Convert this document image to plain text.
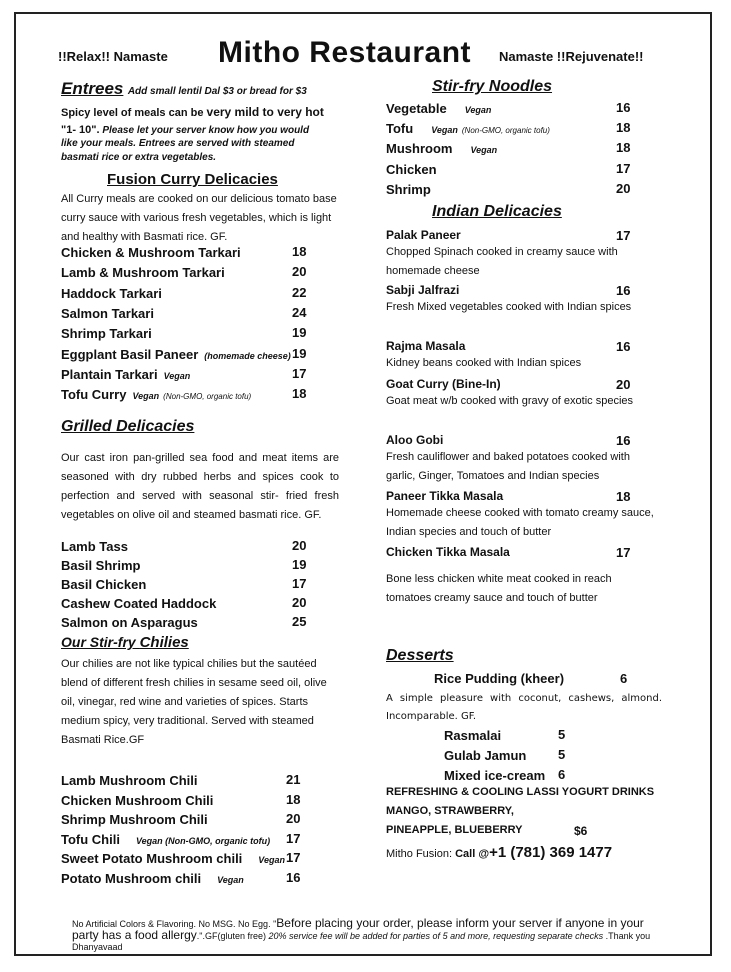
!!Relax!! Namaste Mitho Restaurant Namaste !!Rejuvenate!!
Entrees Add small lentil Dal $3 or bread for $3
Spicy level of meals can be very mild to very hot
"1- 10". Please let your server know how you would
like your meals. Entrees are served with steamed
basmati rice or extra vegetables.
Fusion Curry Delicacies
All Curry meals are cooked on our delicious tomato base curry sauce with various fresh vegetables, which is light and healthy with Basmati rice. GF.
Chicken & Mushroom Tarkari	18
Lamb & Mushroom Tarkari	20
Haddock Tarkari	22
Salmon Tarkari	24
Shrimp Tarkari	19
Eggplant Basil Paneer (homemade cheese) 19
Plantain Tarkari Vegan	17
Tofu Curry Vegan (Non-GMO, organic tofu)	18
Grilled Delicacies
Our cast iron pan-grilled sea food and meat items are seasoned with dry rubbed herbs and spices cook to perfection and served with seasonal stir- fried fresh vegetables on olive oil and steamed basmati rice. GF.
Lamb Tass	20
Basil Shrimp	19
Basil Chicken	17
Cashew Coated Haddock	20
Salmon on Asparagus	25
Our Stir-fry Chilies
Our chilies are not like typical chilies but the sautéed blend of different fresh chilies in sesame seed oil, olive oil, vinegar, red wine and varieties of spices. Starts medium spicy, very traditional. Served with steamed Basmati Rice.GF
Lamb Mushroom Chili	21
Chicken Mushroom Chili	18
Shrimp Mushroom Chili	20
Tofu Chili Vegan (Non-GMO, organic tofu) 17
Sweet Potato Mushroom chili Vegan 17
Potato Mushroom chili Vegan	16
Stir-fry Noodles
Vegetable Vegan	16
Tofu Vegan (Non-GMO, organic tofu)	18
Mushroom Vegan	18
Chicken	17
Shrimp	20
Indian Delicacies
Palak Paneer	17
Chopped Spinach cooked in creamy sauce with homemade cheese
Sabji Jalfrazi	16
Fresh Mixed vegetables cooked with Indian spices
Rajma Masala	16
Kidney beans cooked with Indian spices
Goat Curry (Bine-In)	20
Goat meat w/b cooked with gravy of exotic species
Aloo Gobi	16
Fresh cauliflower and baked potatoes cooked with garlic, Ginger, Tomatoes and Indian species
Paneer Tikka Masala	18
Homemade cheese cooked with tomato creamy sauce, Indian species and touch of butter
Chicken Tikka Masala	17
Bone less chicken white meat cooked in reach tomatoes creamy sauce and touch of butter
Desserts
Rice Pudding (kheer)	6
A simple pleasure with coconut, cashews, almond. Incomparable. GF.
Rasmalai	5
Gulab Jamun 5
Mixed ice-cream 6
REFRESHING & COOLING LASSI YOGURT DRINKS
MANGO, STRAWBERRY,
PINEAPPLE, BLUEBERRY	$6
Mitho Fusion: Call @+1 (781) 369 1477
No Artificial Colors & Flavoring. No MSG. No Egg. "Before placing your order, please inform your server if anyone in your party has a food allergy.".GF(gluten free) 20% service fee will be added for parties of 5 and more, requesting separate checks .Thank you Dhanyavaad
